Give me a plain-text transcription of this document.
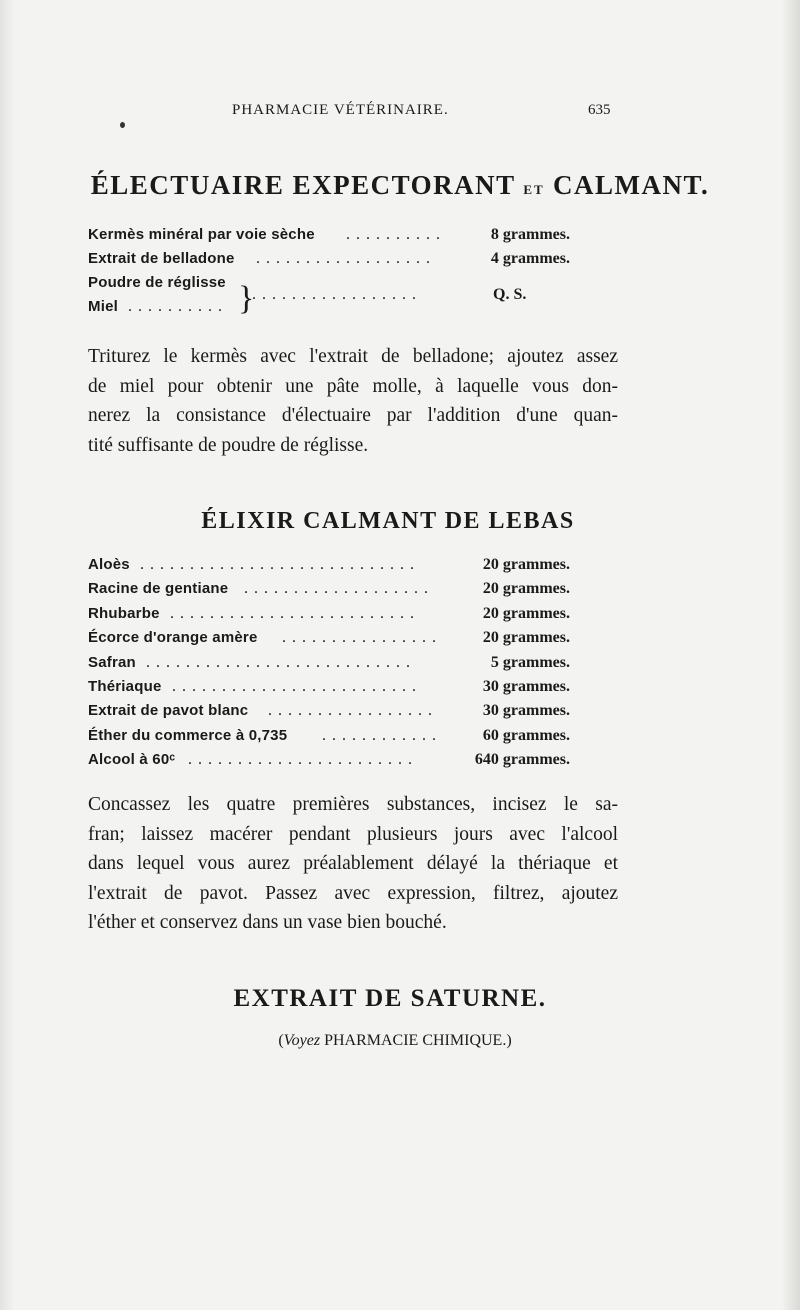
PHARMACIE VÉTÉRINAIRE.	635
ÉLECTUAIRE EXPECTORANT ET CALMANT.
Kermès minéral par voie sèche ..........	8 grammes.
Extrait de belladone ..................	4 grammes.
Poudre de réglisse
Miel .......... }
.................	Q. S.
Triturez le kermès avec l'extrait de belladone; ajoutez assez
de miel pour obtenir une pâte molle, à laquelle vous don-
nerez la consistance d'électuaire par l'addition d'une quan-
tité suffisante de poudre de réglisse.
ÉLIXIR CALMANT DE LEBAS
Aloès ............................	20 grammes.
Racine de gentiane ...................	20 grammes.
Rhubarbe .........................	20 grammes.
Écorce d'orange amère ................	20 grammes.
Safran ...........................	5 grammes.
Thériaque .........................	30 grammes.
Extrait de pavot blanc .................	30 grammes.
Éther du commerce à 0,735 ............	60 grammes.
Alcool à 60ᶜ .......................	640 grammes.
Concassez les quatre premières substances, incisez le sa-
fran; laissez macérer pendant plusieurs jours avec l'alcool
dans lequel vous aurez préalablement délayé la thériaque et
l'extrait de pavot. Passez avec expression, filtrez, ajoutez
l'éther et conservez dans un vase bien bouché.
EXTRAIT DE SATURNE.
(Voyez PHARMACIE CHIMIQUE.)
